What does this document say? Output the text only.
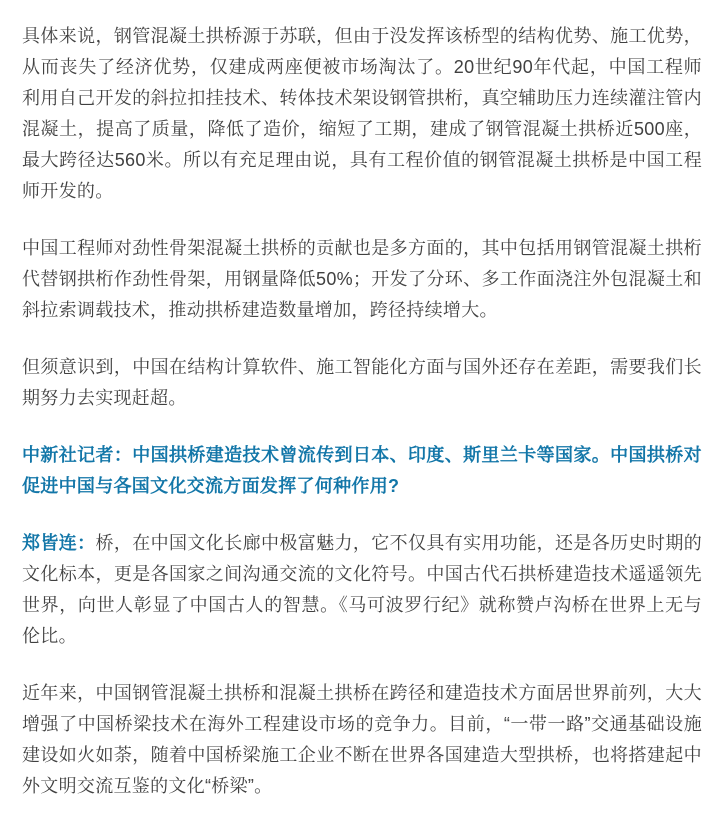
具体来说，钢管混凝土拱桥源于苏联，但由于没发挥该桥型的结构优势、施工优势，从而丧失了经济优势，仅建成两座便被市场淘汰了。20世纪90年代起，中国工程师利用自己开发的斜拉扣挂技术、转体技术架设钢管拱桁，真空辅助压力连续灌注管内混凝土，提高了质量，降低了造价，缩短了工期，建成了钢管混凝土拱桥近500座，最大跨径达560米。所以有充足理由说，具有工程价值的钢管混凝土拱桥是中国工程师开发的。

中国工程师对劲性骨架混凝土拱桥的贡献也是多方面的，其中包括用钢管混凝土拱桁代替钢拱桁作劲性骨架，用钢量降低50%；开发了分环、多工作面浇注外包混凝土和斜拉索调载技术，推动拱桥建造数量增加，跨径持续增大。

但须意识到，中国在结构计算软件、施工智能化方面与国外还存在差距，需要我们长期努力去实现赶超。

中新社记者：中国拱桥建造技术曾流传到日本、印度、斯里兰卡等国家。中国拱桥对促进中国与各国文化交流方面发挥了何种作用?

郑皆连：桥，在中国文化长廊中极富魅力，它不仅具有实用功能，还是各历史时期的文化标本，更是各国家之间沟通交流的文化符号。中国古代石拱桥建造技术遥遥领先世界，向世人彰显了中国古人的智慧。《马可波罗行纪》就称赞卢沟桥在世界上无与伦比。

近年来，中国钢管混凝土拱桥和混凝土拱桥在跨径和建造技术方面居世界前列，大大增强了中国桥梁技术在海外工程建设市场的竞争力。目前，“一带一路”交通基础设施建设如火如荼，随着中国桥梁施工企业不断在世界各国建造大型拱桥，也将搭建起中外文明交流互鉴的文化“桥梁”。
